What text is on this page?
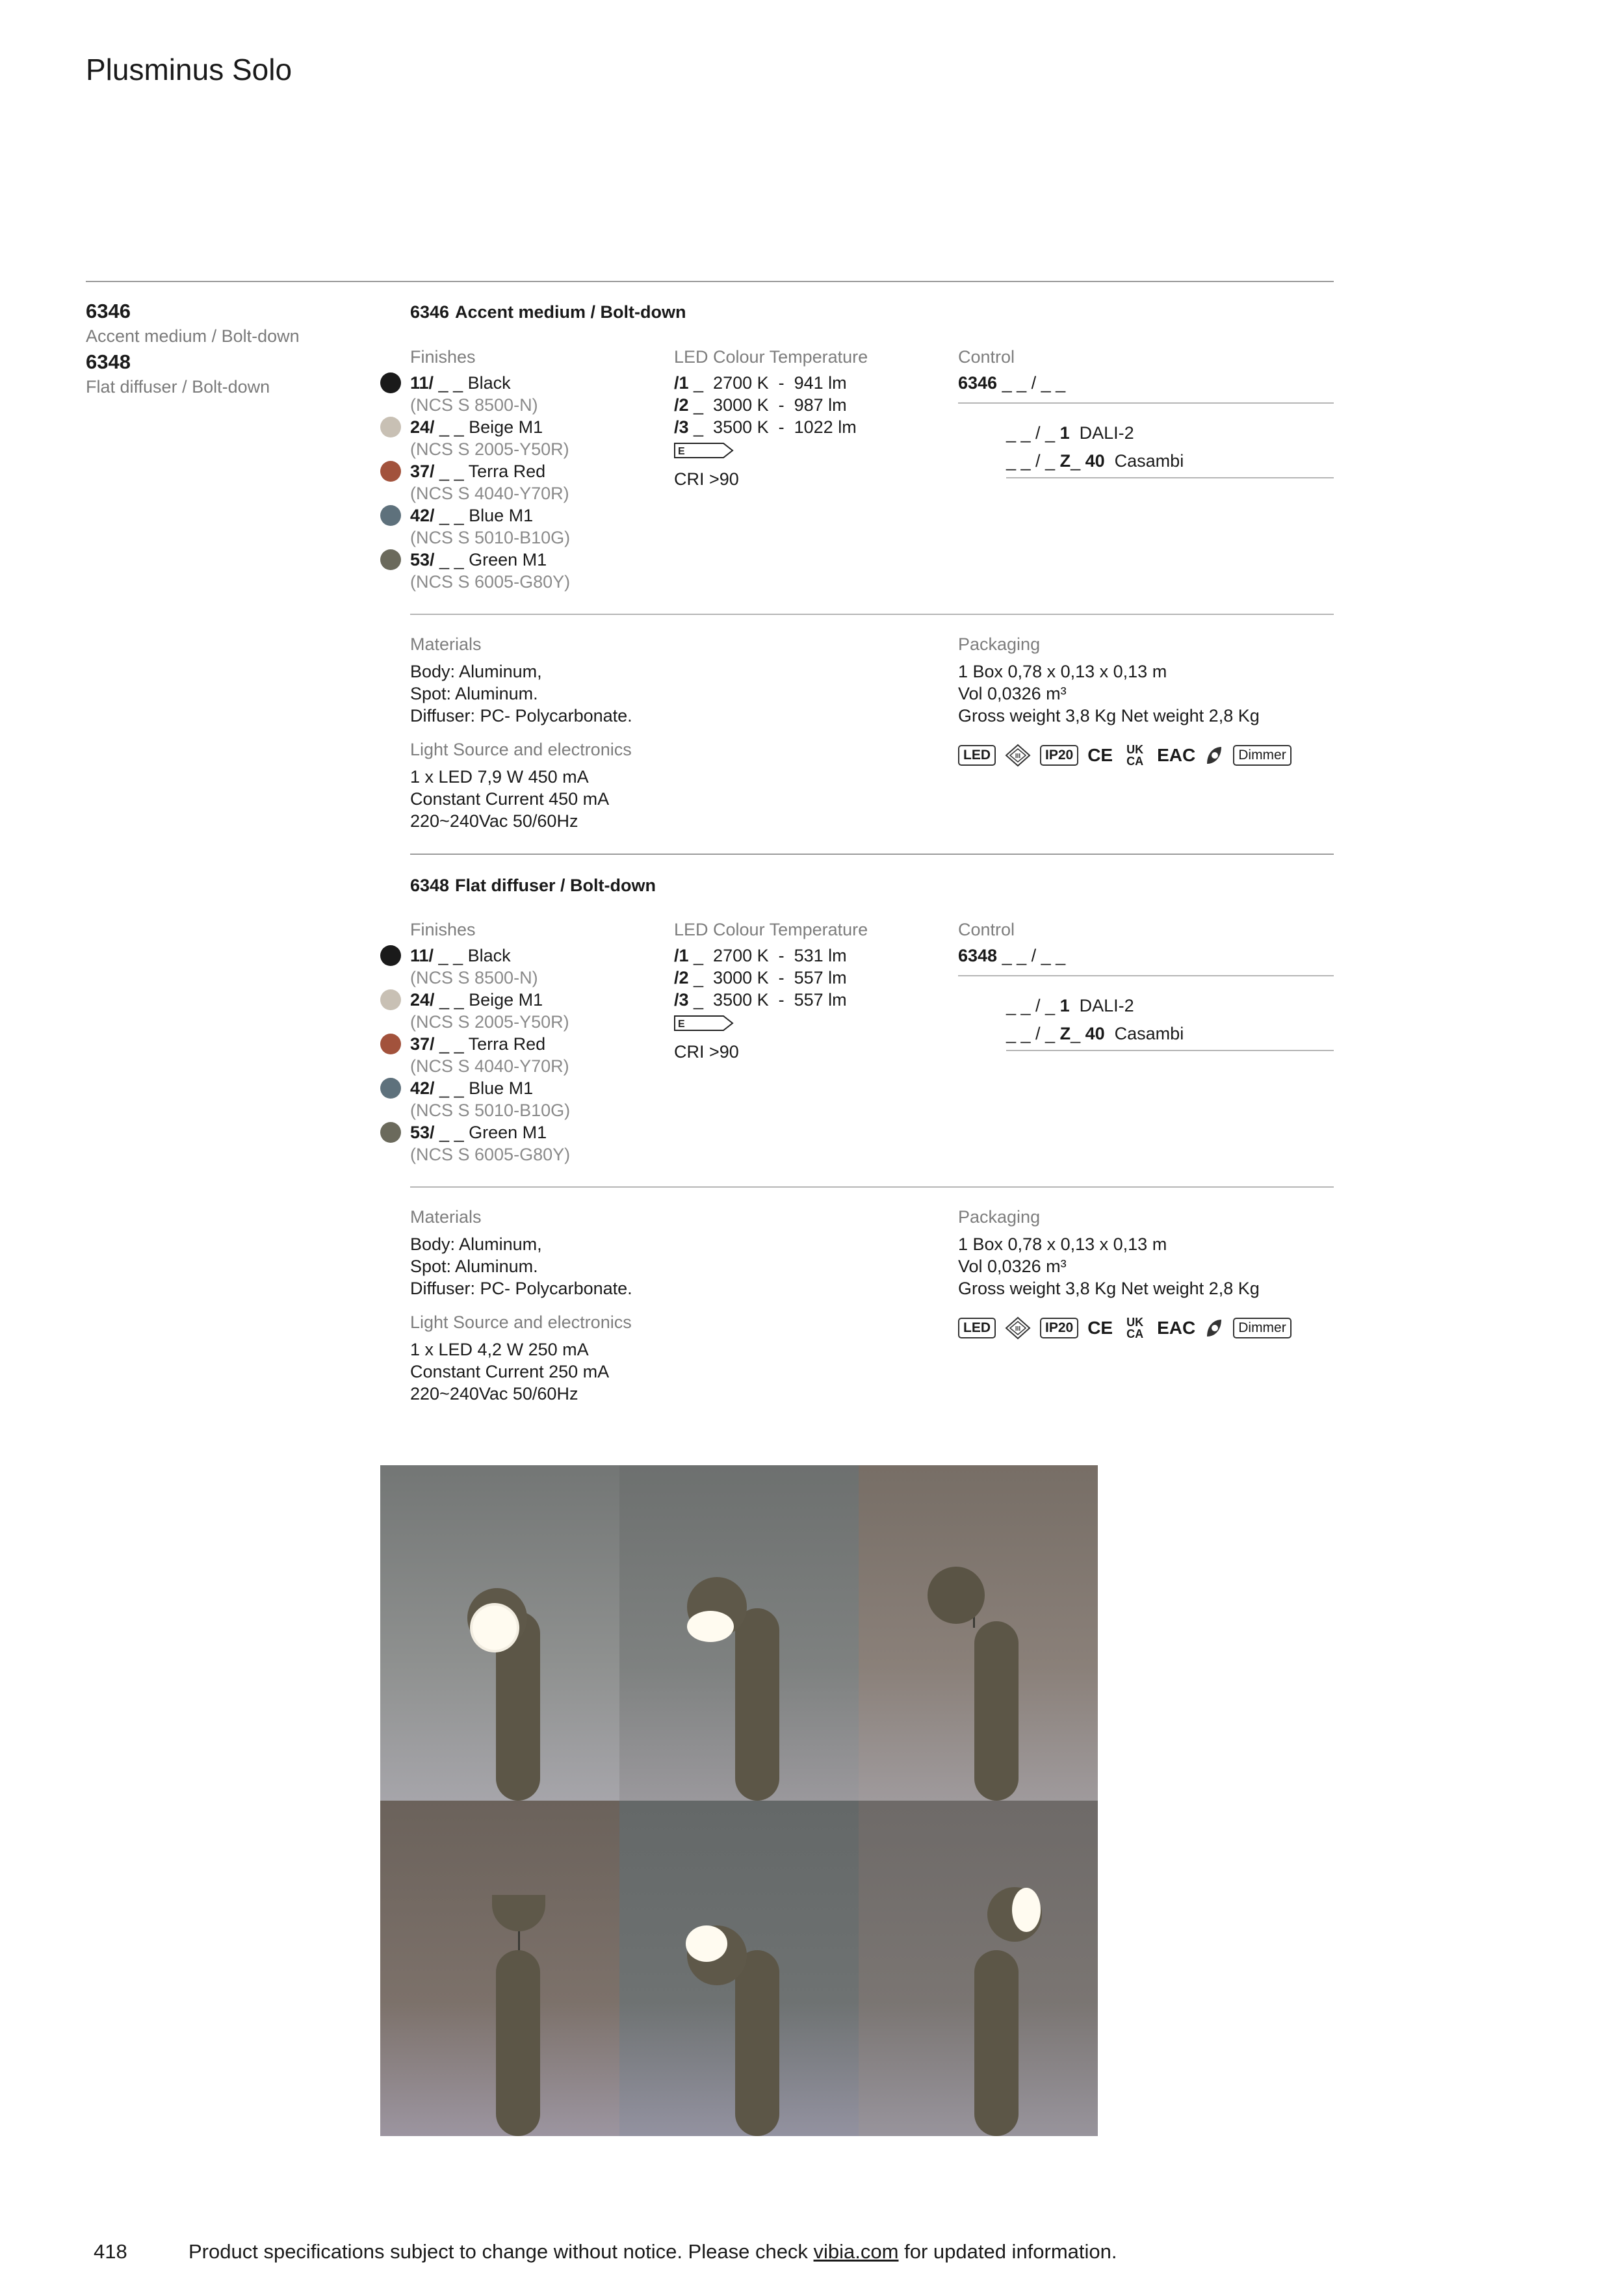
Plusminus Solo
6346
Accent medium / Bolt-down
6348
Flat diffuser / Bolt-down
6346 Accent medium / Bolt-down
Finishes
11/ _ _ Black
(NCS S 8500-N)
24/ _ _ Beige M1
(NCS S 2005-Y50R)
37/ _ _ Terra Red
(NCS S 4040-Y70R)
42/ _ _ Blue M1
(NCS S 5010-B10G)
53/ _ _ Green M1
(NCS S 6005-G80Y)
LED Colour Temperature
/1 _  2700 K  -  941 lm
/2 _  3000 K  -  987 lm
/3 _  3500 K  -  1022 lm
E
CRI >90
Control
6346 _ _ / _ _
_ _ / _ 1 DALI-2
_ _ / _ Z_ 40 Casambi
Materials
Body: Aluminum,
Spot: Aluminum.
Diffuser: PC- Polycarbonate.
Light Source and electronics
1 x LED 7,9 W 450 mA
Constant Current 450 mA
220~240Vac 50/60Hz
Packaging
1 Box 0,78 x 0,13 x 0,13 m
Vol 0,0326 m³
Gross weight 3,8 Kg Net weight 2,8 Kg
LED	III	IP20 CE	UK CA EAC	Dimmer
6348 Flat diffuser / Bolt-down
Finishes
11/ _ _ Black
(NCS S 8500-N)
24/ _ _ Beige M1
(NCS S 2005-Y50R)
37/ _ _ Terra Red
(NCS S 4040-Y70R)
42/ _ _ Blue M1
(NCS S 5010-B10G)
53/ _ _ Green M1
(NCS S 6005-G80Y)
LED Colour Temperature
/1 _  2700 K  -  531 lm
/2 _  3000 K  -  557 lm
/3 _  3500 K  -  557 lm
E
CRI >90
Control
6348 _ _ / _ _
_ _ / _ 1 DALI-2
_ _ / _ Z_ 40 Casambi
Materials
Body: Aluminum,
Spot: Aluminum.
Diffuser: PC- Polycarbonate.
Light Source and electronics
1 x LED 4,2 W 250 mA
Constant Current 250 mA
220~240Vac 50/60Hz
Packaging
1 Box 0,78 x 0,13 x 0,13 m
Vol 0,0326 m³
Gross weight 3,8 Kg Net weight 2,8 Kg
LED	III	IP20 CE	UK CA EAC	Dimmer
418	Product specifications subject to change without notice. Please check vibia.com for updated information.
